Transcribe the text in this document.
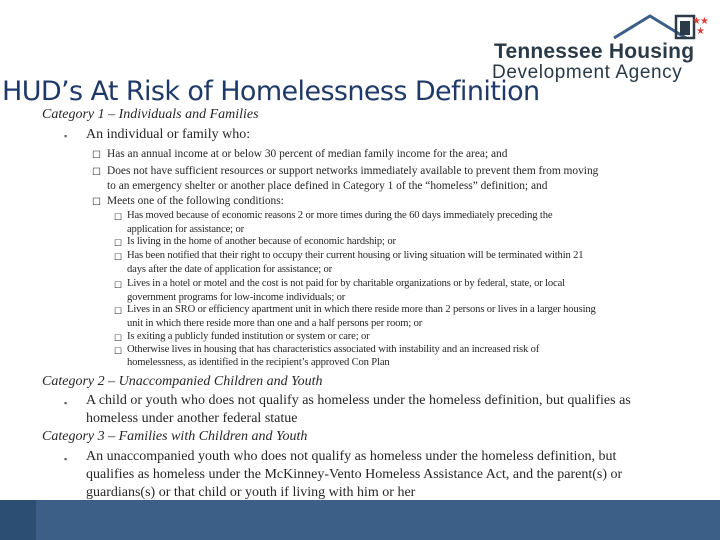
★ ★
★
Tennessee Housing
Development Agency
HUD’s At Risk of Homelessness Definition
Category 1 – Individuals and Families
▪ An individual or family who:
☐ Has an annual income at or below 30 percent of median family income for the area; and
☐ Does not have sufficient resources or support networks immediately available to prevent them from moving
to an emergency shelter or another place defined in Category 1 of the “homeless” definition; and
☐ Meets one of the following conditions:
☐ Has moved because of economic reasons 2 or more times during the 60 days immediately preceding the
application for assistance; or
☐ Is living in the home of another because of economic hardship; or
☐ Has been notified that their right to occupy their current housing or living situation will be terminated within 21
days after the date of application for assistance; or
☐ Lives in a hotel or motel and the cost is not paid for by charitable organizations or by federal, state, or local
government programs for low-income individuals; or
☐ Lives in an SRO or efficiency apartment unit in which there reside more than 2 persons or lives in a larger housing
unit in which there reside more than one and a half persons per room; or
☐ Is exiting a publicly funded institution or system or care; or
☐ Otherwise lives in housing that has characteristics associated with instability and an increased risk of
homelessness, as identified in the recipient’s approved Con Plan
Category 2 – Unaccompanied Children and Youth
▪ A child or youth who does not qualify as homeless under the homeless definition, but qualifies as
homeless under another federal statue
Category 3 – Families with Children and Youth
▪ An unaccompanied youth who does not qualify as homeless under the homeless definition, but
qualifies as homeless under the McKinney-Vento Homeless Assistance Act, and the parent(s) or
guardians(s) or that child or youth if living with him or her
